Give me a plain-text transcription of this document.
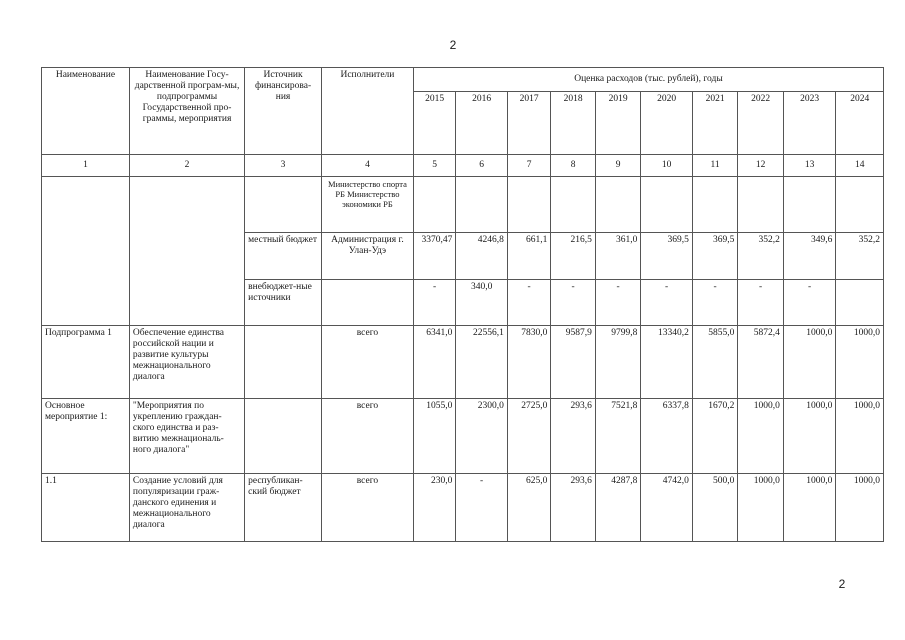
2
Наименование	Наименование Госу-дарственной програм-мы, подпрограммы Государственной про-граммы, мероприятия	Источник финансирова-ния	Исполнители	Оценка расходов (тыс. рублей), годы									
				2015	2016	2017	2018	2019	2020	2021	2022	2023	2024
1	2	3	4	5	6	7	8	9	10	11	12	13	14
			Министерство спорта РБ Министерство экономики РБ										
		местный бюджет	Администрация г. Улан-Удэ	3370,47	4246,8	661,1	216,5	361,0	369,5	369,5	352,2	349,6	352,2
		внебюджет-ные источники		-	340,0	-	-	-	-	-	-	-	
Подпрограмма 1	Обеспечение единства российской нации и развитие культуры межнационального диалога		всего	6341,0	22556,1	7830,0	9587,9	9799,8	13340,2	5855,0	5872,4	1000,0	1000,0
Основное мероприятие 1:	"Мероприятия по укреплению граждан-ского единства и раз-витию межнациональ-ного диалога"		всего	1055,0	2300,0	2725,0	293,6	7521,8	6337,8	1670,2	1000,0	1000,0	1000,0
1.1	Создание условий для популяризации граж-данского единения и межнационального диалога	республикан-ский бюджет	всего	230,0	-	625,0	293,6	4287,8	4742,0	500,0	1000,0	1000,0	1000,0
2
